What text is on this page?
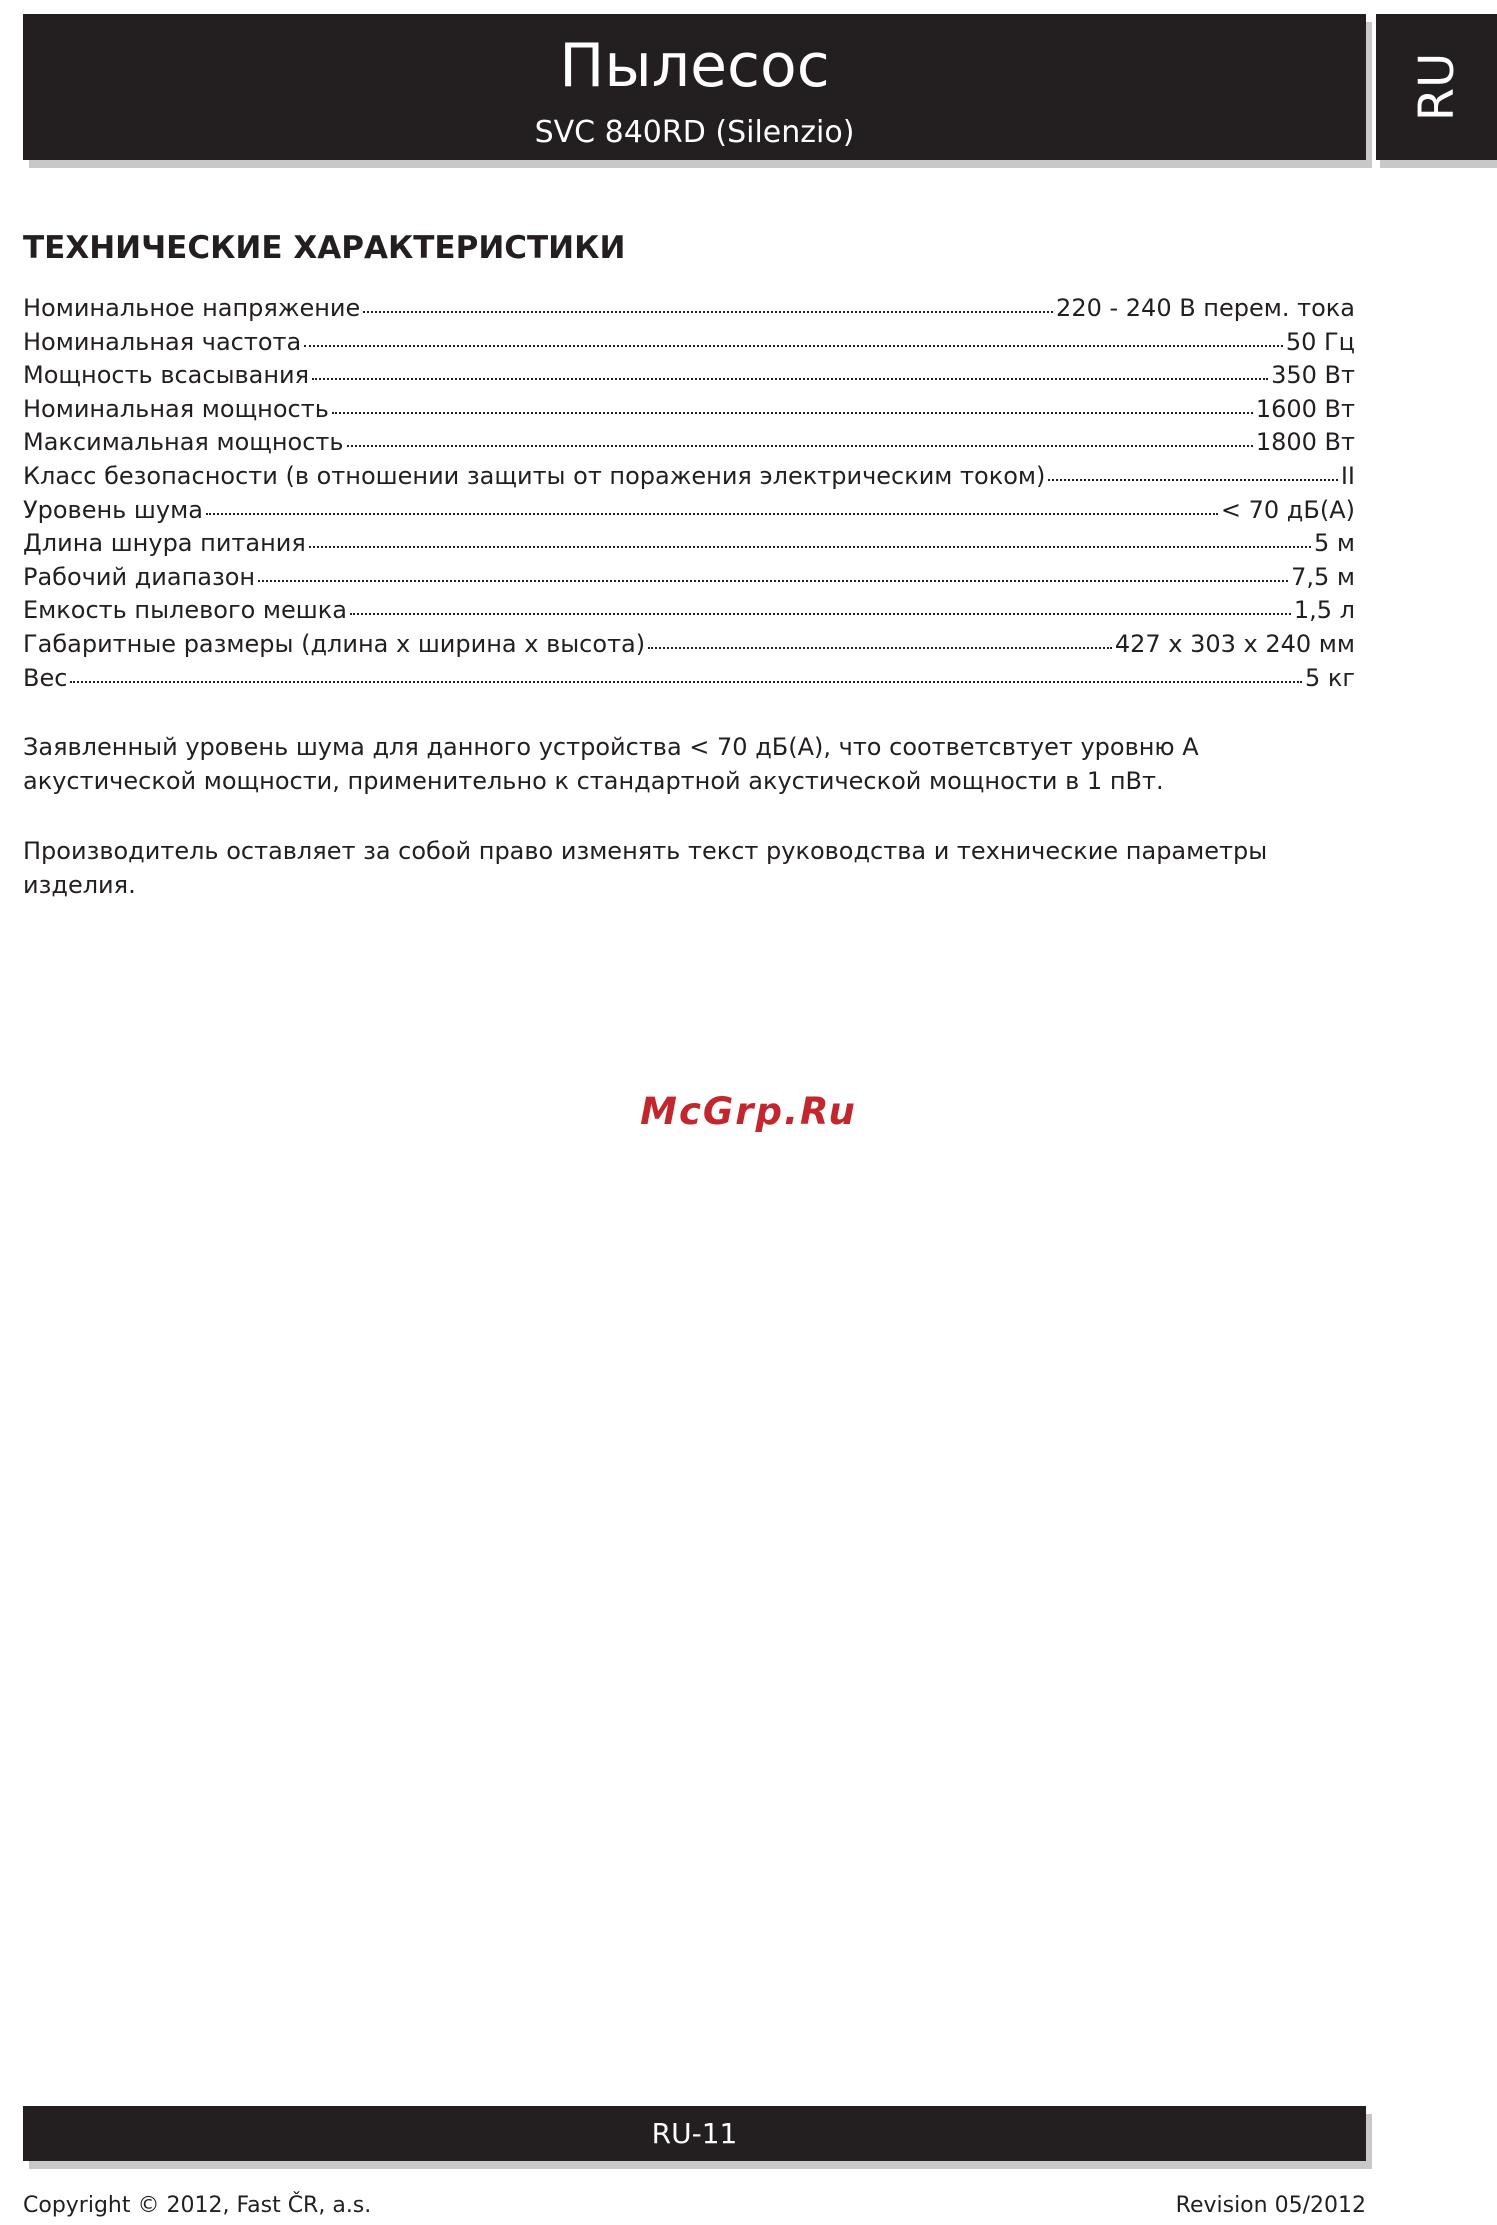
Пылесос
SVC 840RD (Silenzio)
RU
ТЕХНИЧЕСКИЕ ХАРАКТЕРИСТИКИ
Номинальное напряжение	220 - 240 В перем. тока
Номинальная частота	50 Гц
Мощность всасывания	350 Вт
Номинальная мощность	1600 Вт
Максимальная мощность	1800 Вт
Класс безопасности (в отношении защиты от поражения электрическим током)	II
Уровень шума	< 70 дБ(А)
Длина шнура питания	5 м
Рабочий диапазон	7,5 м
Емкость пылевого мешка	1,5 л
Габаритные размеры (длина x ширина x высота)	427 x 303 x 240 мм
Вес	5 кг

Заявленный уровень шума для данного устройства < 70 дБ(А), что соответсвтует уровню А акустической мощности, применительно к стандартной акустической мощности в 1 пВт.

Производитель оставляет за собой право изменять текст руководства и технические параметры изделия.

McGrp.Ru
RU-11
Copyright © 2012, Fast ČR, a.s.	Revision 05/2012
